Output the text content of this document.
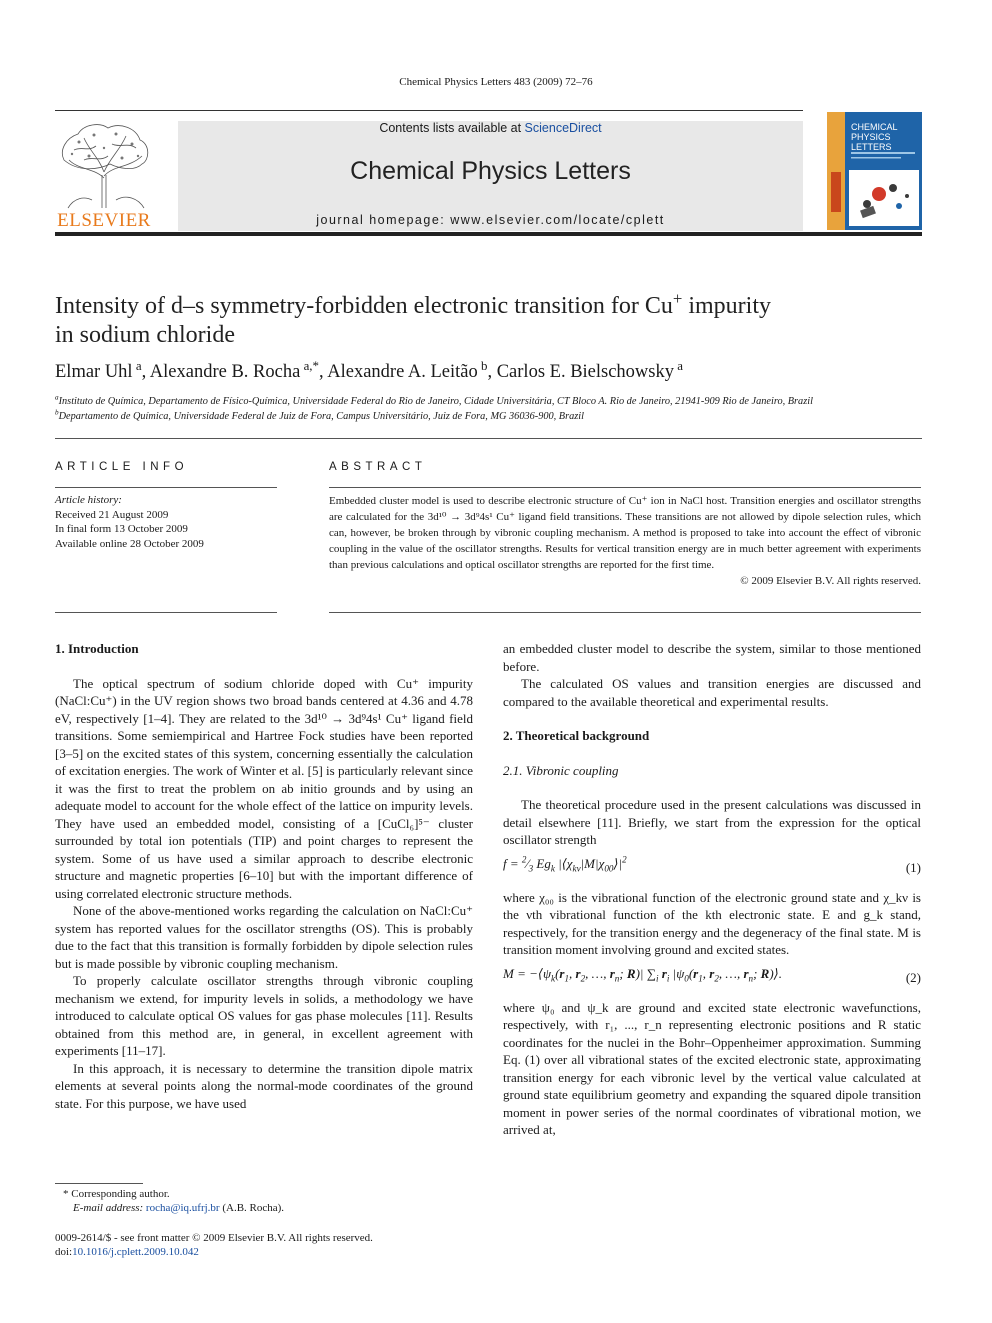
Chemical Physics Letters 483 (2009) 72–76
ELSEVIER
Contents lists available at ScienceDirect
Chemical Physics Letters
journal homepage: www.elsevier.com/locate/cplett
CHEMICAL
PHYSICS
LETTERS
Intensity of d–s symmetry-forbidden electronic transition for Cu+ impurity
in sodium chloride
Elmar Uhl $^a$, Alexandre B. Rocha $^{a,*}$, Alexandre A. Leitão $^b$, Carlos E. Bielschowsky $^a$
$^a$Instituto de Química, Departamento de Físico-Química, Universidade Federal do Rio de Janeiro, Cidade Universitária, CT Bloco A. Rio de Janeiro, 21941-909 Rio de Janeiro, Brazil
$^b$Departamento de Química, Universidade Federal de Juiz de Fora, Campus Universitário, Juiz de Fora, MG 36036-900, Brazil
ARTICLE INFO	ABSTRACT
Article history:
Received 21 August 2009
In final form 13 October 2009
Available online 28 October 2009
Embedded cluster model is used to describe electronic structure of Cu⁺ ion in NaCl host. Transition energies and oscillator strengths are calculated for the 3d¹⁰ → 3d⁹4s¹ Cu⁺ ligand field transitions. These transitions are not allowed by dipole selection rules, which can, however, be broken through by vibronic coupling mechanism. A method is proposed to take into account the effect of vibronic coupling in the value of the oscillator strengths. Results for vertical transition energy are in much better agreement with experiments than previous calculations and optical oscillator strengths are reported for the first time.
© 2009 Elsevier B.V. All rights reserved.

1. Introduction

The optical spectrum of sodium chloride doped with Cu⁺ impurity (NaCl:Cu⁺) in the UV region shows two broad bands centered at 4.36 and 4.78 eV, respectively [1–4]. They are related to the 3d¹⁰ → 3d⁹4s¹ Cu⁺ ligand field transitions. Some semiempirical and Hartree Fock studies have been reported [3–5] on the excited states of this system, concerning essentially the calculation of excitation energies. The work of Winter et al. [5] is particularly relevant since it was the first to treat the problem on ab initio grounds and by using an adequate model to account for the whole effect of the lattice on impurity levels. They have used an embedded model, consisting of a [CuCl₆]⁵⁻ cluster surrounded by total ion potentials (TIP) and point charges to represent the system. Some of us have used a similar approach to describe electronic structure and magnetic properties [6–10] but with the important difference of using correlated electronic structure methods.

None of the above-mentioned works regarding the calculation on NaCl:Cu⁺ system has reported values for the oscillator strengths (OS). This is probably due to the fact that this transition is formally forbidden by dipole selection rules but is made possible by vibronic coupling mechanism.

To properly calculate oscillator strengths through vibronic coupling mechanism we extend, for impurity levels in solids, a methodology we have introduced to calculate optical OS values for gas phase molecules [11]. Results obtained from this method are, in general, in excellent agreement with experiments [11–17].

In this approach, it is necessary to determine the transition dipole matrix elements at several points along the normal-mode coordinates of the ground state. For this purpose, we have used

an embedded cluster model to describe the system, similar to those mentioned before.

The calculated OS values and transition energies are discussed and compared to the available theoretical and experimental results.

2. Theoretical background

2.1. Vibronic coupling

The theoretical procedure used in the present calculations was discussed in detail elsewhere [11]. Briefly, we start from the expression for the optical oscillator strength

$f = ^2⁄_3$ $Eg_k$ $|⟨\chi_{k\nu}|M|\chi_{00}⟩|^2$
(1)

where χ₀₀ is the vibrational function of the electronic ground state and χ_kν is the νth vibrational function of the kth electronic state. E and g_k stand, respectively, for the transition energy and the degeneracy of the final state. M is transition moment involving ground and excited states.

$M = -⟨\psi_k(r_1$, $r_2$, …, $r_n$; R)| $\sum_i$ $r_i$ $|\psi_0(r_1$, $r_2$, …, $r_n$; R)⟩.	(2)

where ψ₀ and ψ_k are ground and excited state electronic wavefunctions, respectively, with r₁, ..., r_n representing electronic positions and R static coordinates for the nuclei in the Bohr–Oppenheimer approximation. Summing Eq. (1) over all vibrational states of the excited electronic state, approximating transition energy for each vibronic level by the vertical value calculated at ground state equilibrium geometry and expanding the squared dipole transition moment in power series of the normal coordinates of vibrational motion, we arrived at,

* Corresponding author.
E-mail address: rocha@iq.ufrj.br (A.B. Rocha).
0009-2614/$ - see front matter © 2009 Elsevier B.V. All rights reserved.
doi:10.1016/j.cplett.2009.10.042
